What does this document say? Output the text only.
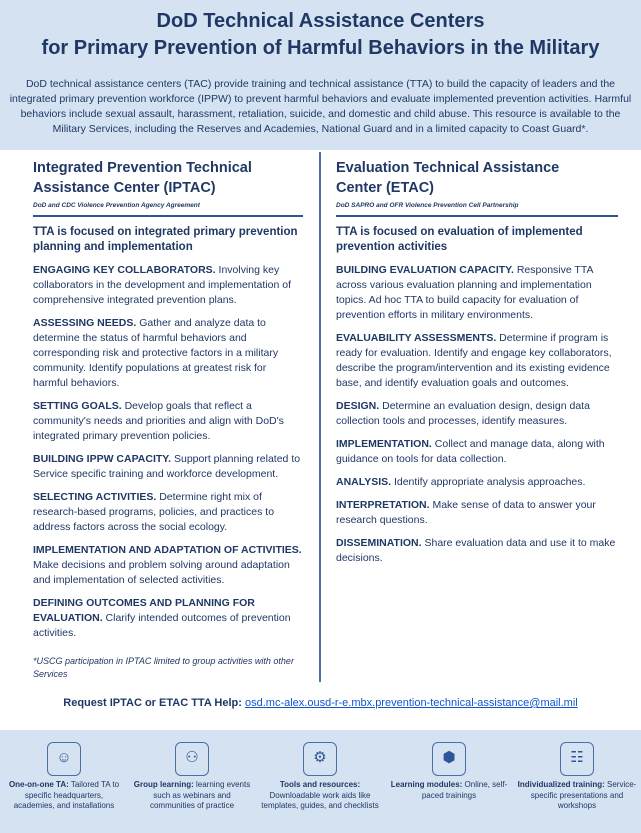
DoD Technical Assistance Centers
for Primary Prevention of Harmful Behaviors in the Military
DoD technical assistance centers (TAC) provide training and technical assistance (TTA) to build the capacity of leaders and the integrated primary prevention workforce (IPPW) to prevent harmful behaviors and evaluate implemented prevention activities. Harmful behaviors include sexual assault, harassment, retaliation, suicide, and domestic and child abuse. This resource is available to the Military Services, including the Reserves and Academies, National Guard and in a limited capacity to Coast Guard*.
Integrated Prevention Technical
Assistance Center (IPTAC)
DoD and CDC Violence Prevention Agency Agreement
TTA is focused on integrated primary prevention planning and implementation
ENGAGING KEY COLLABORATORS. Involving key collaborators in the development and implementation of comprehensive integrated prevention plans.
ASSESSING NEEDS. Gather and analyze data to determine the status of harmful behaviors and corresponding risk and protective factors in a military community. Identify populations at greatest risk for harmful behaviors.
SETTING GOALS. Develop goals that reflect a community's needs and priorities and align with DoD's integrated primary prevention policies.
BUILDING IPPW CAPACITY. Support planning related to Service specific training and workforce development.
SELECTING ACTIVITIES. Determine right mix of research-based programs, policies, and practices to address factors across the social ecology.
IMPLEMENTATION AND ADAPTATION OF ACTIVITIES. Make decisions and problem solving around adaptation and implementation of selected activities.
DEFINING OUTCOMES AND PLANNING FOR EVALUATION. Clarify intended outcomes of prevention activities.
*USCG participation in IPTAC limited to group activities with other Services
Evaluation Technical Assistance
Center (ETAC)
DoD SAPRO and OFR Violence Prevention Cell Partnership
TTA is focused on evaluation of implemented prevention activities
BUILDING EVALUATION CAPACITY. Responsive TTA across various evaluation planning and implementation topics. Ad hoc TTA to build capacity for evaluation of prevention efforts in military environments.
EVALUABILITY ASSESSMENTS. Determine if program is ready for evaluation. Identify and engage key collaborators, describe the program/intervention and its existing evidence base, and identify evaluation goals and outcomes.
DESIGN. Determine an evaluation design, design data collection tools and processes, identify measures.
IMPLEMENTATION. Collect and manage data, along with guidance on tools for data collection.
ANALYSIS. Identify appropriate analysis approaches.
INTERPRETATION. Make sense of data to answer your research questions.
DISSEMINATION. Share evaluation data and use it to make decisions.
Request IPTAC or ETAC TTA Help: osd.mc-alex.ousd-r-e.mbx.prevention-technical-assistance@mail.mil
☺
One-on-one TA: Tailored TA to specific headquarters, academies, and installations
⚇
Group learning: learning events such as webinars and communities of practice
⚙
Tools and resources: Downloadable work aids like templates, guides, and checklists
⬢
Learning modules: Online, self-paced trainings
☷
Individualized training: Service-specific presentations and workshops
